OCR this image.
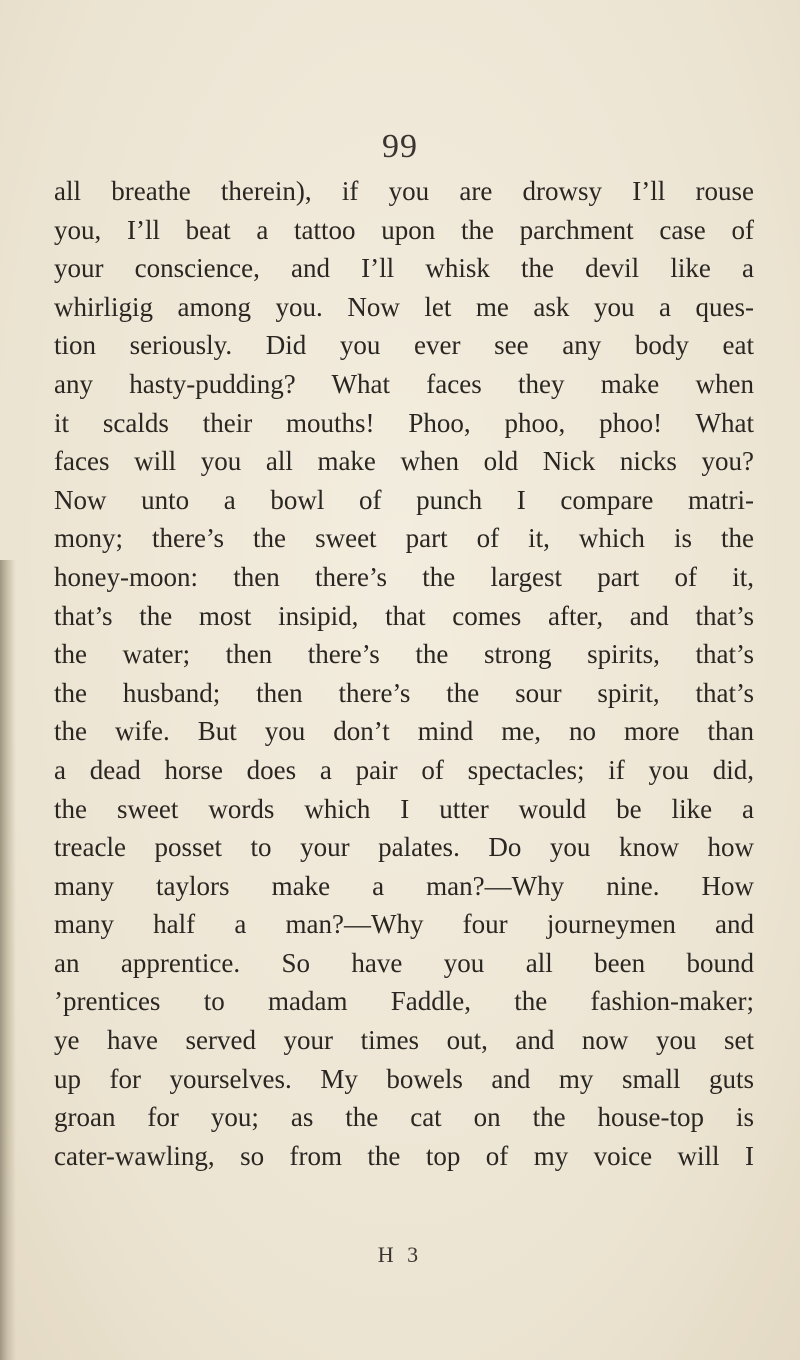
99
all breathe therein), if you are drowsy I’ll rouse
you, I’ll beat a tattoo upon the parchment case of
your conscience, and I’ll whisk the devil like a
whirligig among you. Now let me ask you a ques-
tion seriously. Did you ever see any body eat
any hasty-pudding? What faces they make when
it scalds their mouths! Phoo, phoo, phoo! What
faces will you all make when old Nick nicks you?
Now unto a bowl of punch I compare matri-
mony; there’s the sweet part of it, which is the
honey-moon: then there’s the largest part of it,
that’s the most insipid, that comes after, and that’s
the water; then there’s the strong spirits, that’s
the husband; then there’s the sour spirit, that’s
the wife. But you don’t mind me, no more than
a dead horse does a pair of spectacles; if you did,
the sweet words which I utter would be like a
treacle posset to your palates. Do you know how
many taylors make a man?—Why nine. How
many half a man?—Why four journeymen and
an apprentice. So have you all been bound
’prentices to madam Faddle, the fashion-maker;
ye have served your times out, and now you set
up for yourselves. My bowels and my small guts
groan for you; as the cat on the house-top is
cater-wawling, so from the top of my voice will I
H 3
